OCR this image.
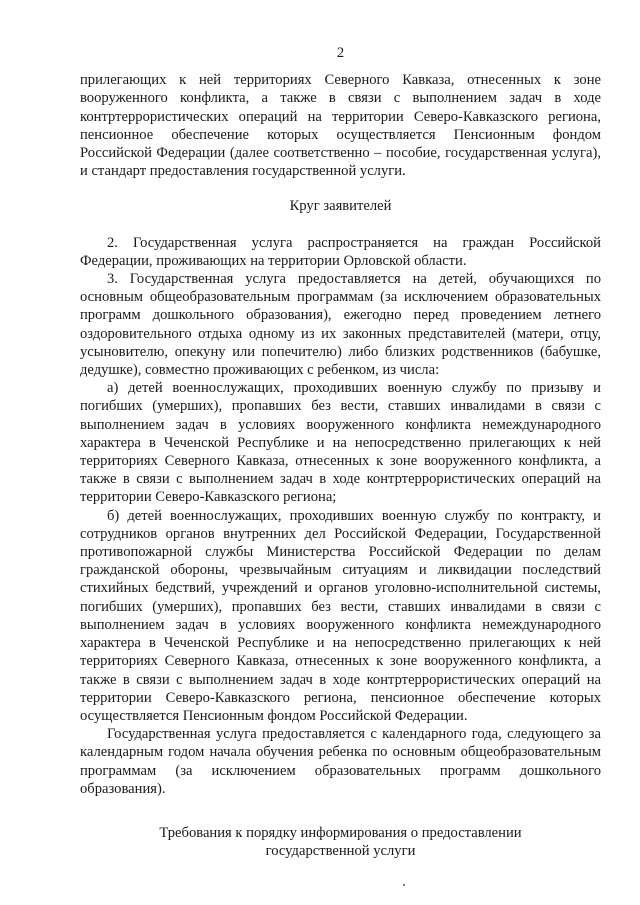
2

прилегающих к ней территориях Северного Кавказа, отнесенных к зоне вооруженного конфликта, а также в связи с выполнением задач в ходе контртеррористических операций на территории Северо-Кавказского региона, пенсионное обеспечение которых осуществляется Пенсионным фондом Российской Федерации (далее соответственно – пособие, государственная услуга), и стандарт предоставления государственной услуги.

Круг заявителей

2. Государственная услуга распространяется на граждан Российской Федерации, проживающих на территории Орловской области.

3. Государственная услуга предоставляется на детей, обучающихся по основным общеобразовательным программам (за исключением образовательных программ дошкольного образования), ежегодно перед проведением летнего оздоровительного отдыха одному из их законных представителей (матери, отцу, усыновителю, опекуну или попечителю) либо близких родственников (бабушке, дедушке), совместно проживающих с ребенком, из числа:

а) детей военнослужащих, проходивших военную службу по призыву и погибших (умерших), пропавших без вести, ставших инвалидами в связи с выполнением задач в условиях вооруженного конфликта немеждународного характера в Чеченской Республике и на непосредственно прилегающих к ней территориях Северного Кавказа, отнесенных к зоне вооруженного конфликта, а также в связи с выполнением задач в ходе контртеррористических операций на территории Северо-Кавказского региона;

б) детей военнослужащих, проходивших военную службу по контракту, и сотрудников органов внутренних дел Российской Федерации, Государственной противопожарной службы Министерства Российской Федерации по делам гражданской обороны, чрезвычайным ситуациям и ликвидации последствий стихийных бедствий, учреждений и органов уголовно-исполнительной системы, погибших (умерших), пропавших без вести, ставших инвалидами в связи с выполнением задач в условиях вооруженного конфликта немеждународного характера в Чеченской Республике и на непосредственно прилегающих к ней территориях Северного Кавказа, отнесенных к зоне вооруженного конфликта, а также в связи с выполнением задач в ходе контртеррористических операций на территории Северо-Кавказского региона, пенсионное обеспечение которых осуществляется Пенсионным фондом Российской Федерации.

Государственная услуга предоставляется с календарного года, следующего за календарным годом начала обучения ребенка по основным общеобразовательным программам (за исключением образовательных программ дошкольного образования).

Требования к порядку информирования о предоставлении
государственной услуги
